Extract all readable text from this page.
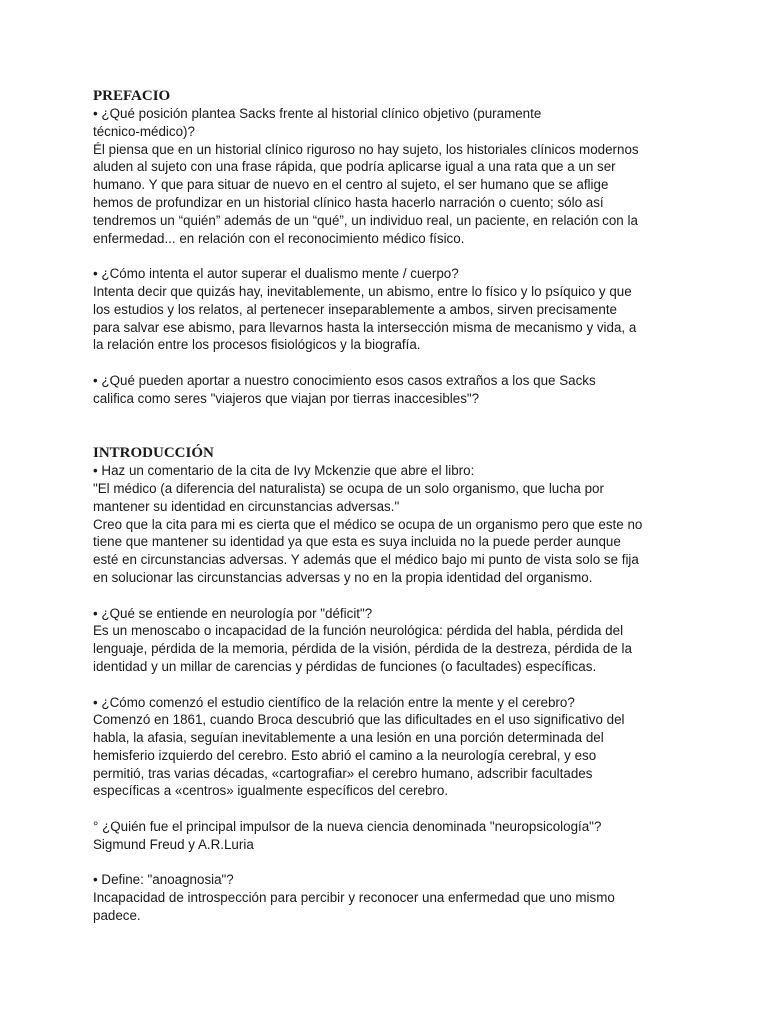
PREFACIO
• ¿Qué posición plantea Sacks frente al historial clínico objetivo (puramente
técnico-médico)?
Él piensa que en un historial clínico riguroso no hay sujeto, los historiales clínicos modernos
aluden al sujeto con una frase rápida, que podría aplicarse igual a una rata que a un ser
humano. Y que para situar de nuevo en el centro al sujeto, el ser humano que se aflige
hemos de profundizar en un historial clínico hasta hacerlo narración o cuento; sólo así
tendremos un “quién” además de un “qué”, un individuo real, un paciente, en relación con la
enfermedad... en relación con el reconocimiento médico físico.
• ¿Cómo intenta el autor superar el dualismo mente / cuerpo?
Intenta decir que quizás hay, inevitablemente, un abismo, entre lo físico y lo psíquico y que
los estudios y los relatos, al pertenecer inseparablemente a ambos, sirven precisamente
para salvar ese abismo, para llevarnos hasta la intersección misma de mecanismo y vida, a
la relación entre los procesos fisiológicos y la biografía.
• ¿Qué pueden aportar a nuestro conocimiento esos casos extraños a los que Sacks
califica como seres "viajeros que viajan por tierras inaccesibles"?
INTRODUCCIÓN
• Haz un comentario de la cita de Ivy Mckenzie que abre el libro:
"El médico (a diferencia del naturalista) se ocupa de un solo organismo, que lucha por
mantener su identidad en circunstancias adversas."
Creo que la cita para mi es cierta que el médico se ocupa de un organismo pero que este no
tiene que mantener su identidad ya que esta es suya incluida no la puede perder aunque
esté en circunstancias adversas. Y además que el médico bajo mi punto de vista solo se fija
en solucionar las circunstancias adversas y no en la propia identidad del organismo.
• ¿Qué se entiende en neurología por "déficit"?
Es un menoscabo o incapacidad de la función neurológica: pérdida del habla, pérdida del
lenguaje, pérdida de la memoria, pérdida de la visión, pérdida de la destreza, pérdida de la
identidad y un millar de carencias y pérdidas de funciones (o facultades) específicas.
• ¿Cómo comenzó el estudio científico de la relación entre la mente y el cerebro?
Comenzó en 1861, cuando Broca descubrió que las dificultades en el uso significativo del
habla, la afasia, seguían inevitablemente a una lesión en una porción determinada del
hemisferio izquierdo del cerebro. Esto abrió el camino a la neurología cerebral, y eso
permitió, tras varias décadas, «cartografiar» el cerebro humano, adscribir facultades
específicas a «centros» igualmente específicos del cerebro.
° ¿Quién fue el principal impulsor de la nueva ciencia denominada "neuropsicología"?
Sigmund Freud y A.R.Luria
• Define: "anoagnosia"?
Incapacidad de introspección para percibir y reconocer una enfermedad que uno mismo
padece.
